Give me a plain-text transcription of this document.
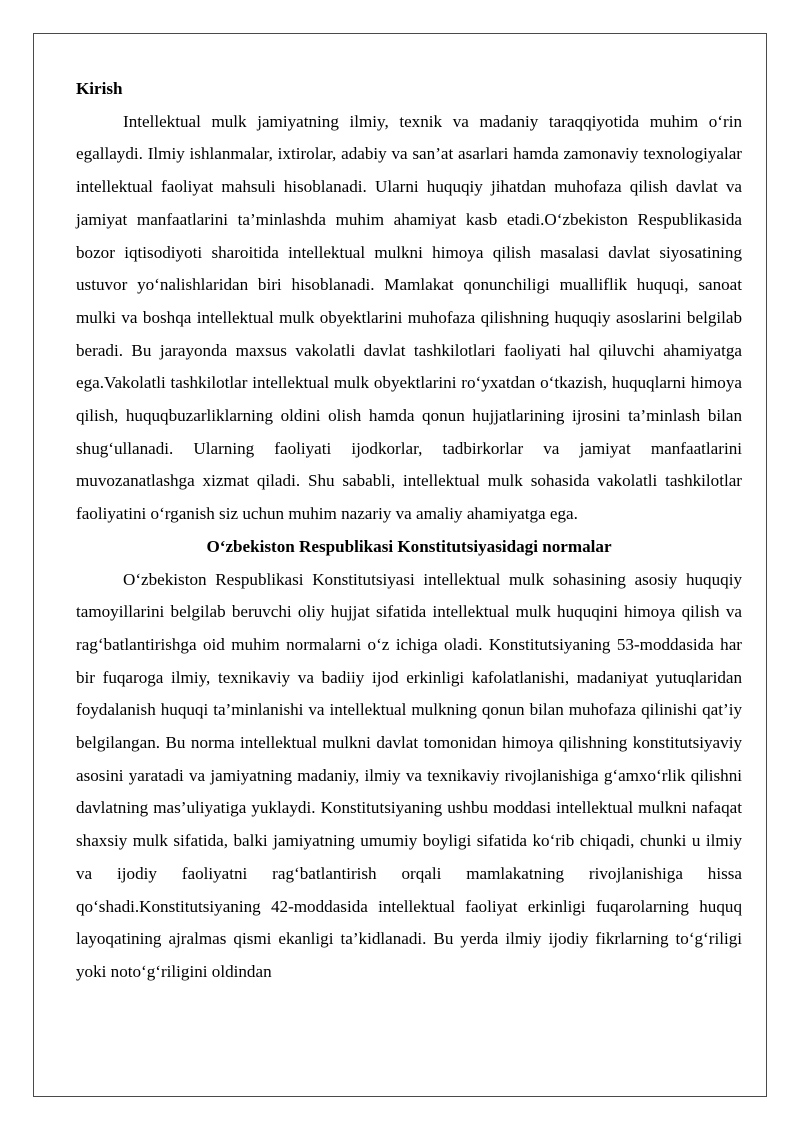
Kirish

Intellektual mulk jamiyatning ilmiy, texnik va madaniy taraqqiyotida muhim o‘rin egallaydi. Ilmiy ishlanmalar, ixtirolar, adabiy va san’at asarlari hamda zamonaviy texnologiyalar intellektual faoliyat mahsuli hisoblanadi. Ularni huquqiy jihatdan muhofaza qilish davlat va jamiyat manfaatlarini ta’minlashda muhim ahamiyat kasb etadi.O‘zbekiston Respublikasida bozor iqtisodiyoti sharoitida intellektual mulkni himoya qilish masalasi davlat siyosatining ustuvor yo‘nalishlaridan biri hisoblanadi. Mamlakat qonunchiligi mualliflik huquqi, sanoat mulki va boshqa intellektual mulk obyektlarini muhofaza qilishning huquqiy asoslarini belgilab beradi. Bu jarayonda maxsus vakolatli davlat tashkilotlari faoliyati hal qiluvchi ahamiyatga ega.Vakolatli tashkilotlar intellektual mulk obyektlarini ro‘yxatdan o‘tkazish, huquqlarni himoya qilish, huquqbuzarliklarning oldini olish hamda qonun hujjatlarining ijrosini ta’minlash bilan shug‘ullanadi. Ularning faoliyati ijodkorlar, tadbirkorlar va jamiyat manfaatlarini muvozanatlashga xizmat qiladi. Shu sababli, intellektual mulk sohasida vakolatli tashkilotlar faoliyatini o‘rganish siz uchun muhim nazariy va amaliy ahamiyatga ega.

O‘zbekiston Respublikasi Konstitutsiyasidagi normalar

O‘zbekiston Respublikasi Konstitutsiyasi intellektual mulk sohasining asosiy huquqiy tamoyillarini belgilab beruvchi oliy hujjat sifatida intellektual mulk huquqini himoya qilish va rag‘batlantirishga oid muhim normalarni o‘z ichiga oladi. Konstitutsiyaning 53-moddasida har bir fuqaroga ilmiy, texnikaviy va badiiy ijod erkinligi kafolatlanishi, madaniyat yutuqlaridan foydalanish huquqi ta’minlanishi va intellektual mulkning qonun bilan muhofaza qilinishi qat’iy belgilangan. Bu norma intellektual mulkni davlat tomonidan himoya qilishning konstitutsiyaviy asosini yaratadi va jamiyatning madaniy, ilmiy va texnikaviy rivojlanishiga g‘amxo‘rlik qilishni davlatning mas’uliyatiga yuklaydi. Konstitutsiyaning ushbu moddasi intellektual mulkni nafaqat shaxsiy mulk sifatida, balki jamiyatning umumiy boyligi sifatida ko‘rib chiqadi, chunki u ilmiy va ijodiy faoliyatni rag‘batlantirish orqali mamlakatning rivojlanishiga hissa qo‘shadi.Konstitutsiyaning 42-moddasida intellektual faoliyat erkinligi fuqarolarning huquq layoqatining ajralmas qismi ekanligi ta’kidlanadi. Bu yerda ilmiy ijodiy fikrlarning to‘g‘riligi yoki noto‘g‘riligini oldindan
